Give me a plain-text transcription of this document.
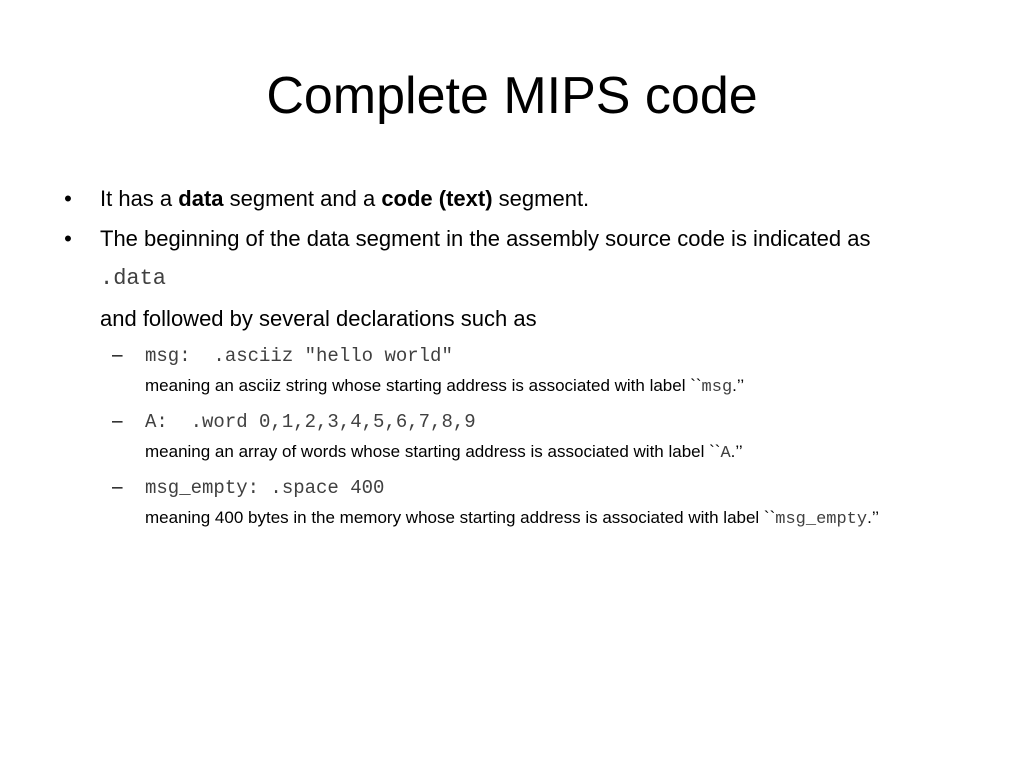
Complete MIPS code
• It has a data segment and a code (text) segment.
• The beginning of the data segment in the assembly source code is indicated as
.data
and followed by several declarations such as
– msg:  .asciiz "hello world"
meaning an asciiz string whose starting address is associated with label ``msg.’’
– A:  .word 0,1,2,3,4,5,6,7,8,9
meaning an array of words whose starting address is associated with label ``A.’’
– msg_empty: .space 400
meaning 400 bytes in the memory whose starting address is associated with label ``msg_empty.’’
